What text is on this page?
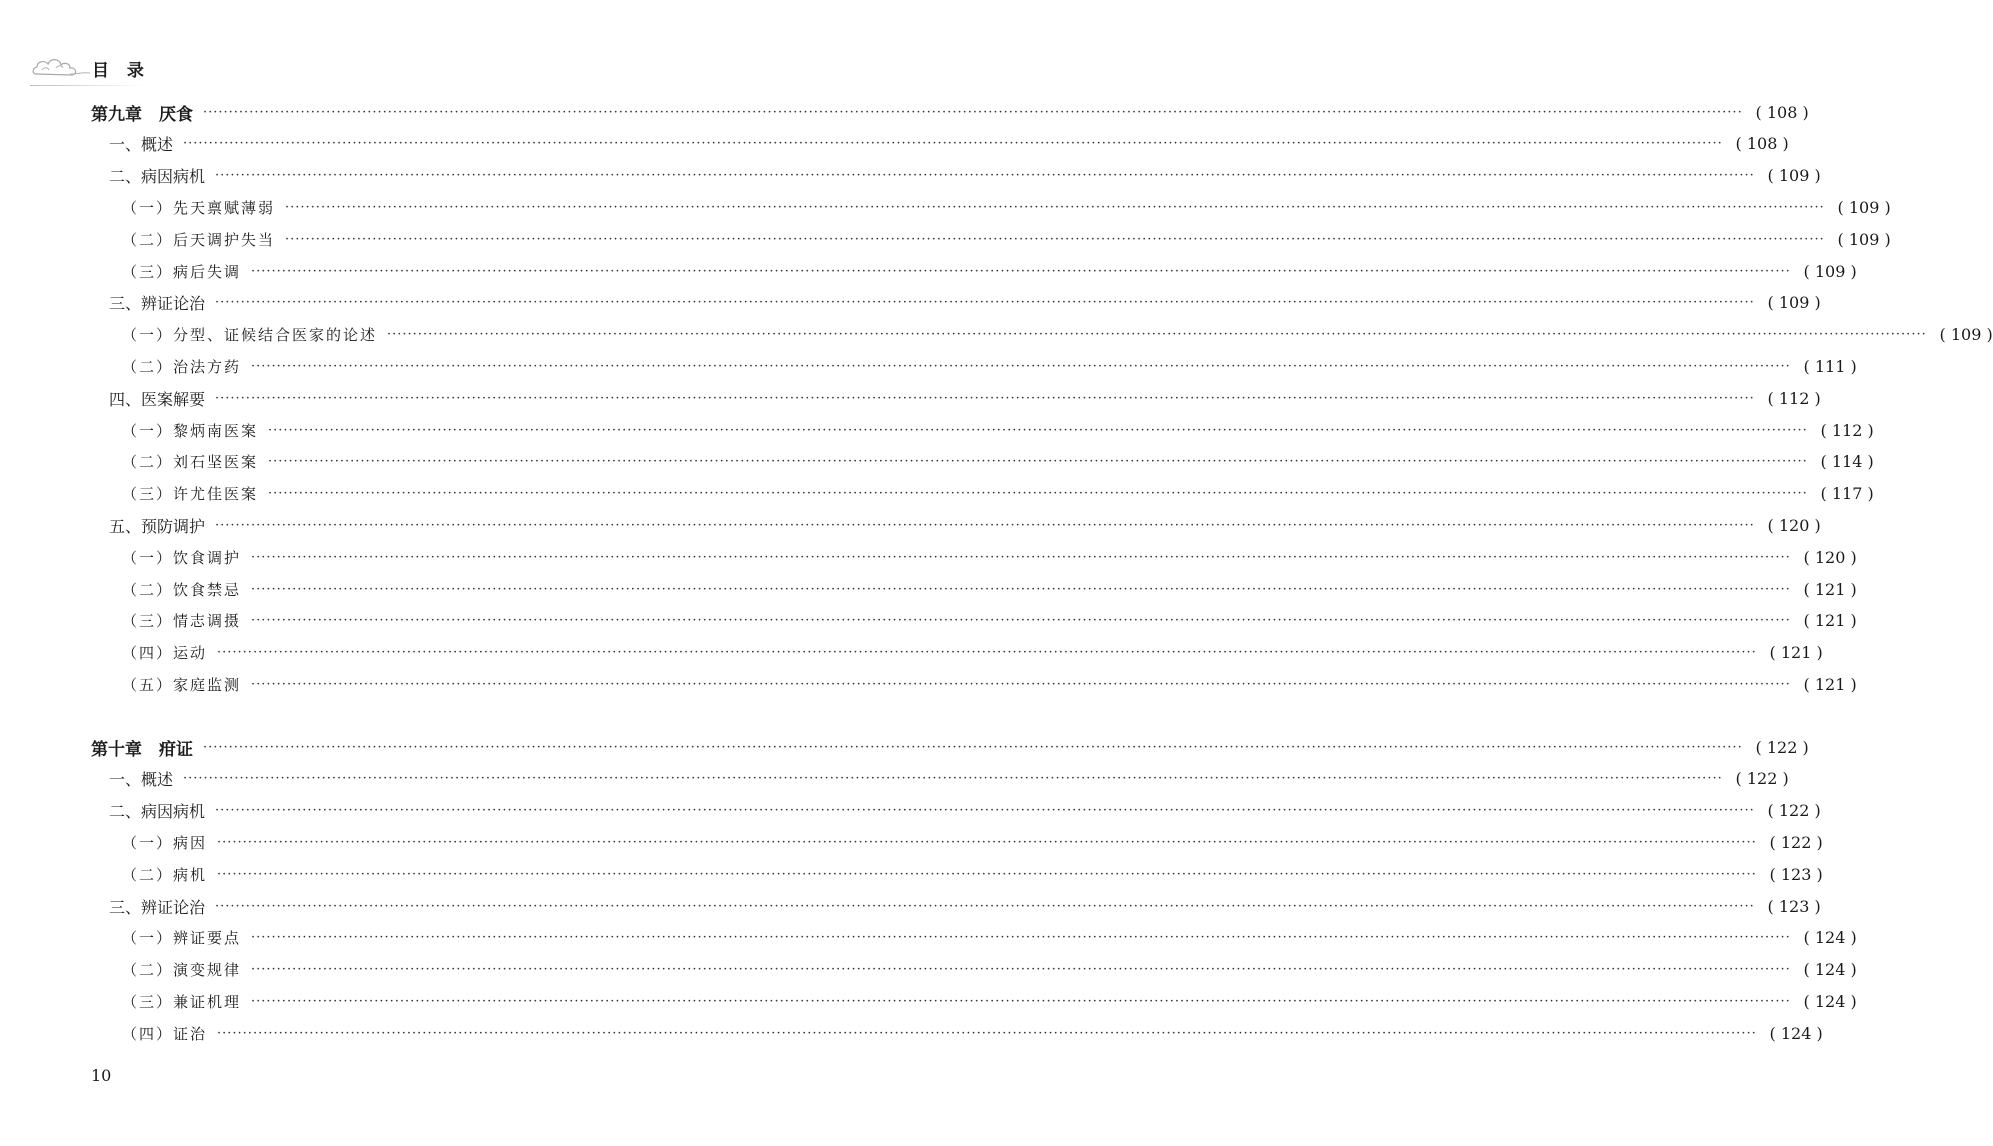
目 录
第九章　厌食 ············································································································································································································································································································ ( 108 )
一、概述 ············································································································································································································································································································ ( 108 )
二、病因病机 ············································································································································································································································································································ ( 109 )
（一）先天禀赋薄弱 ············································································································································································································································································································ ( 109 )
（二）后天调护失当 ············································································································································································································································································································ ( 109 )
（三）病后失调 ············································································································································································································································································································ ( 109 )
三、辨证论治 ············································································································································································································································································································ ( 109 )
（一）分型、证候结合医家的论述 ············································································································································································································································································································ ( 109 )
（二）治法方药 ············································································································································································································································································································ ( 111 )
四、医案解要 ············································································································································································································································································································ ( 112 )
（一）黎炳南医案 ············································································································································································································································································································ ( 112 )
（二）刘石坚医案 ············································································································································································································································································································ ( 114 )
（三）许尤佳医案 ············································································································································································································································································································ ( 117 )
五、预防调护 ············································································································································································································································································································ ( 120 )
（一）饮食调护 ············································································································································································································································································································ ( 120 )
（二）饮食禁忌 ············································································································································································································································································································ ( 121 )
（三）情志调摄 ············································································································································································································································································································ ( 121 )
（四）运动 ············································································································································································································································································································ ( 121 )
（五）家庭监测 ············································································································································································································································································································ ( 121 )
第十章　疳证 ············································································································································································································································································································ ( 122 )
一、概述 ············································································································································································································································································································ ( 122 )
二、病因病机 ············································································································································································································································································································ ( 122 )
（一）病因 ············································································································································································································································································································ ( 122 )
（二）病机 ············································································································································································································································································································ ( 123 )
三、辨证论治 ············································································································································································································································································································ ( 123 )
（一）辨证要点 ············································································································································································································································································································ ( 124 )
（二）演变规律 ············································································································································································································································································································ ( 124 )
（三）兼证机理 ············································································································································································································································································································ ( 124 )
（四）证治 ············································································································································································································································································································ ( 124 )
10
